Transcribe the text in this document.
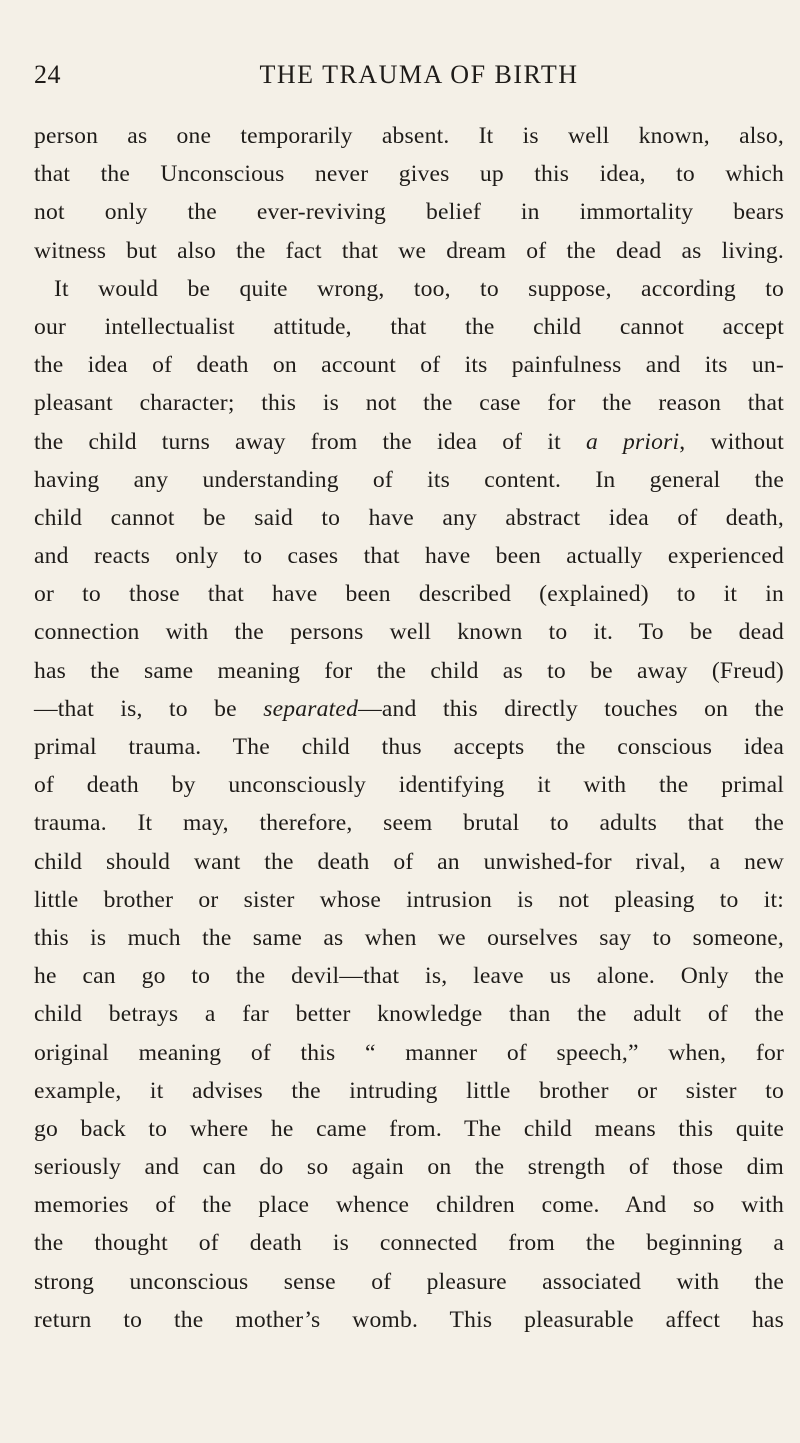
24	THE TRAUMA OF BIRTH
person as one temporarily absent. It is well known, also,
that the Unconscious never gives up this idea, to which
not only the ever-reviving belief in immortality bears
witness but also the fact that we dream of the dead as living.
It would be quite wrong, too, to suppose, according to
our intellectualist attitude, that the child cannot accept
the idea of death on account of its painfulness and its un-
pleasant character; this is not the case for the reason that
the child turns away from the idea of it a priori, without
having any understanding of its content. In general the
child cannot be said to have any abstract idea of death,
and reacts only to cases that have been actually experienced
or to those that have been described (explained) to it in
connection with the persons well known to it. To be dead
has the same meaning for the child as to be away (Freud)
—that is, to be separated—and this directly touches on the
primal trauma. The child thus accepts the conscious idea
of death by unconsciously identifying it with the primal
trauma. It may, therefore, seem brutal to adults that the
child should want the death of an unwished-for rival, a new
little brother or sister whose intrusion is not pleasing to it:
this is much the same as when we ourselves say to someone,
he can go to the devil—that is, leave us alone. Only the
child betrays a far better knowledge than the adult of the
original meaning of this “ manner of speech,” when, for
example, it advises the intruding little brother or sister to
go back to where he came from. The child means this quite
seriously and can do so again on the strength of those dim
memories of the place whence children come. And so with
the thought of death is connected from the beginning a
strong unconscious sense of pleasure associated with the
return to the mother’s womb. This pleasurable affect has
